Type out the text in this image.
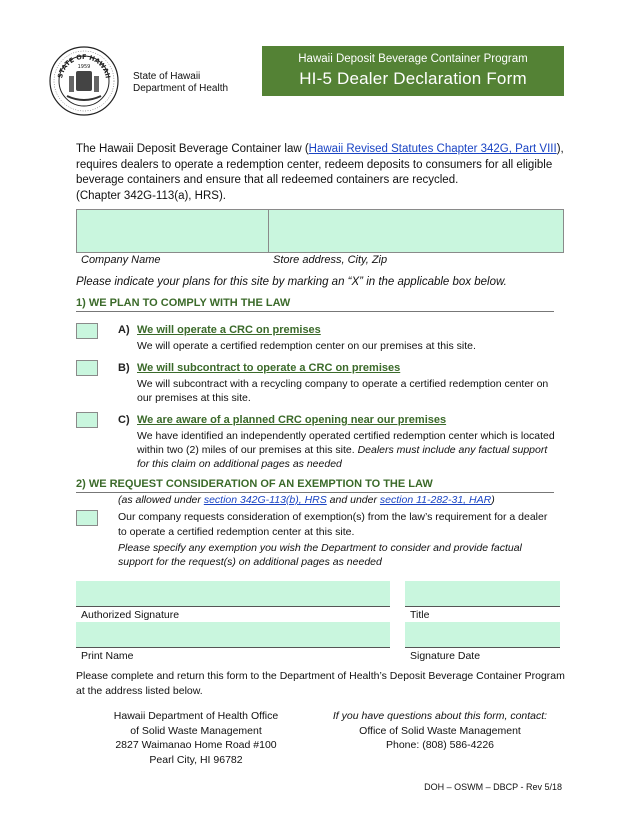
STATE OF HAWAII
1959
State of Hawaii
Department of Health
Hawaii Deposit Beverage Container Program
HI-5 Dealer Declaration Form
The Hawaii Deposit Beverage Container law (Hawaii Revised Statutes Chapter 342G, Part VIII), requires dealers to operate a redemption center, redeem deposits to consumers for all eligible beverage containers and ensure that all redeemed containers are recycled.
(Chapter 342G-113(a), HRS).
Company Name	Store address, City, Zip
Please indicate your plans for this site by marking an “X” in the applicable box below.
1) WE PLAN TO COMPLY WITH THE LAW
A) We will operate a CRC on premises
We will operate a certified redemption center on our premises at this site.
B) We will subcontract to operate a CRC on premises
We will subcontract with a recycling company to operate a certified redemption center on our premises at this site.
C) We are aware of a planned CRC opening near our premises
We have identified an independently operated certified redemption center which is located within two (2) miles of our premises at this site. Dealers must include any factual support for this claim on additional pages as needed
2) WE REQUEST CONSIDERATION OF AN EXEMPTION TO THE LAW
(as allowed under section 342G-113(b), HRS and under section 11-282-31, HAR)
Our company requests consideration of exemption(s) from the law’s requirement for a dealer to operate a certified redemption center at this site.
Please specify any exemption you wish the Department to consider and provide factual support for the request(s) on additional pages as needed
Authorized Signature	Title
Print Name	Signature Date
Please complete and return this form to the Department of Health’s Deposit Beverage Container Program at the address listed below.
Hawaii Department of Health Office
of Solid Waste Management
2827 Waimanao Home Road #100
Pearl City, HI 96782
If you have questions about this form, contact:
Office of Solid Waste Management
Phone: (808) 586-4226
DOH – OSWM – DBCP - Rev 5/18
